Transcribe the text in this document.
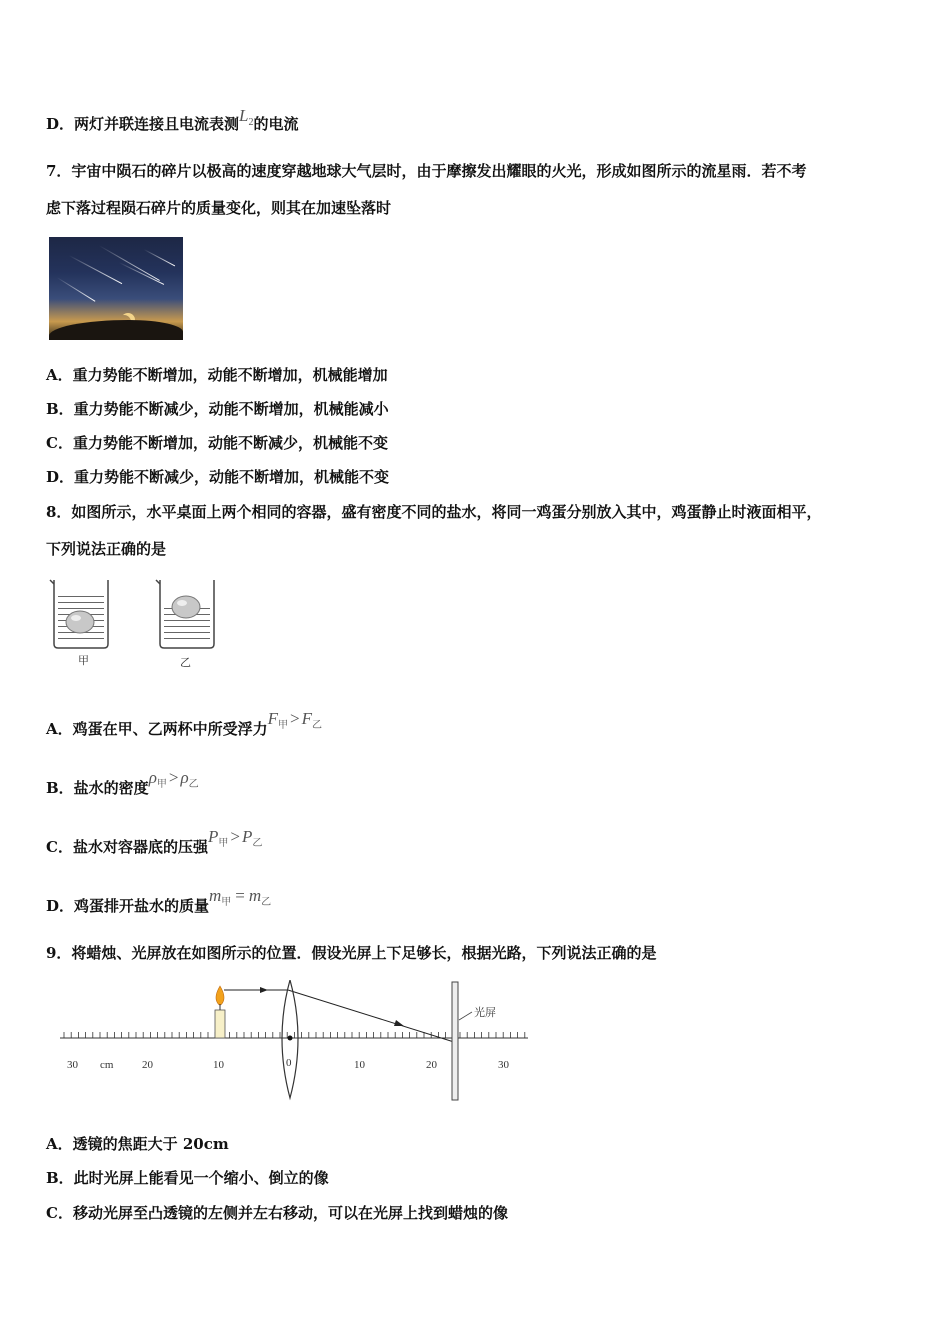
D．两灯并联连接且电流表测$L_2$的电流
7．宇宙中陨石的碎片以极高的速度穿越地球大气层时，由于摩擦发出耀眼的火光，形成如图所示的流星雨．若不考
虑下落过程陨石碎片的质量变化，则其在加速坠落时
A．重力势能不断增加，动能不断增加，机械能增加
B．重力势能不断减少，动能不断增加，机械能减小
C．重力势能不断增加，动能不断减少，机械能不变
D．重力势能不断减少，动能不断增加，机械能不变
8．如图所示，水平桌面上两个相同的容器，盛有密度不同的盐水，将同一鸡蛋分别放入其中，鸡蛋静止时液面相平，
下列说法正确的是
甲	乙
A．鸡蛋在甲、乙两杯中所受浮力$F_甲 > F_乙$
B．盐水的密度$\rho_甲 > \rho_乙$
C．盐水对容器底的压强$P_甲 > P_乙$
D．鸡蛋排开盐水的质量$m_甲 = m_乙$
9．将蜡烛、光屏放在如图所示的位置．假设光屏上下足够长，根据光路，下列说法正确的是
光屏
30 cm	20	10	0	10	20	30
A．透镜的焦距大于 20cm
B．此时光屏上能看见一个缩小、倒立的像
C．移动光屏至凸透镜的左侧并左右移动，可以在光屏上找到蜡烛的像
